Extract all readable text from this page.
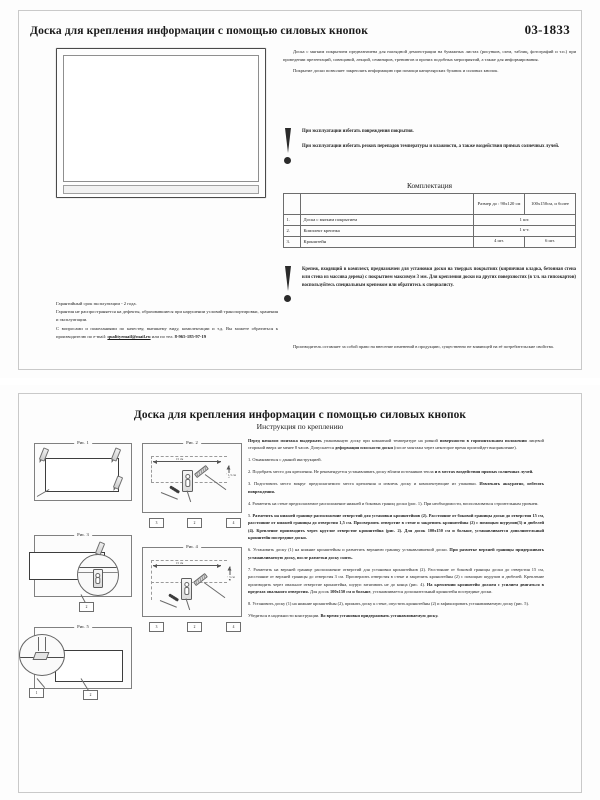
Доска для крепления информации с помощью силовых кнопок	03-1833

Доска с мягким покрытием предназначена для наглядной демонстрации на бумажных листах (рисунков, схем, таблиц, фотографий и т.п.) при проведении презентаций, совещаний, лекций, семинаров, тренингов и прочих подобных мероприятий, а также для информирования.

Покрытие доски позволяет закреплять информацию при помощи канцелярских булавок и силовых кнопок.

При эксплуатации избегать повреждения покрытия.

При эксплуатации избегать резких перепадов температуры и влажности, а также воздействия прямых солнечных лучей.

Комплектация
		Размер до : 90х120 см	100х150см, и более
1.	Доска с мягким покрытием	1 шт.	
2.	Комплект крепежа	1 к-т.	
3.	Кронштейн	4 шт.	6 шт.

Крепеж, входящий в комплект, предназначен для установки доски на твердых покрытиях (кирпичная кладка, бетонная стена или стена из массива дерева) с покрытием максимум 3 мм. Для крепления доски на других поверхностях (в т.ч. на гипсокартон) воспользуйтесь специальным крепежом или обратитесь к специалисту.

Гарантийный срок эксплуатации - 2 года.

Гарантия не распространяется на дефекты, образовавшиеся при нарушении условий транспортировки, хранения и эксплуатации.

С вопросами и пожеланиями по качеству, внешнему виду, комплектации и т.д. Вы можете обратиться к производителю по e-mail: qualityemail@mail.ru или по тел. 8-965-185-97-19

Производитель оставляет за собой право на внесение изменений в продукцию, существенно не влияющей на её потребительские свойства.

Доска для крепления информации с помощью силовых кнопок
Инструкция по креплению
Рис. 1	Рис. 2
15 см
1,5 см
3	2	4
Рис. 3
2
Рис. 4
15 см
3 см
3	2	4
Рис. 5
1	2

Перед началом монтажа выдержать упакованную доску при комнатной температуре на ровной поверхности в горизонтальном положении лицевой стороной вверх не менее 8 часов. Допускается деформация плоскости доски (после монтажа через некоторое время произойдет выпрямление).

1. Ознакомиться с данной инструкцией.

2. Подобрать место для крепления. Не рекомендуется устанавливать доску вблизи источников тепла и в местах воздействия прямых солнечных лучей.

3. Подготовить место вокруг предполагаемого места крепления и извлечь доску и комплектующие из упаковки. Извлекать аккуратно, избегать повреждения.

4. Разметить на стене предполагаемое расположение нижней и боковых границ доски (рис. 1). При необходимости, воспользоваться строительным уровнем.

5. Разметить на нижней границе расположение отверстий для установки кронштейнов (2). Расстояние от боковой границы доски до отверстия 15 см, расстояние от нижней границы до отверстия 1,5 см. Просверлить отверстие в стене и закрепить кронштейны (2) с помощью шурупов(3) и дюбелей (4). Крепление производить через круглое отверстие кронштейна (рис. 2). Для досок 100х150 см и больше, устанавливается дополнительный кронштейн посередине доски.

6. Установить доску (1) на нижние кронштейны и разметить верхнюю границу устанавливаемой доски. При разметке верхней границы придерживать устанавливаемую доску, после разметки доску снять.

7. Разметить на верхней границе расположение отверстий для установки кронштейнов (2). Расстояние от боковой границы доски до отверстия 15 см, расстояние от верхней границы до отверстия 3 см. Просверлить отверстия в стене и закрепить кронштейны (2) с помощью шурупов и дюбелей. Крепление производить через овальное отверстие кронштейна, шуруп затягивать не до конца (рис. 4). На креплении кронштейн должен с усилием двигаться в пределах овального отверстия. Для досок 100х150 см и больше, устанавливается дополнительный кронштейн посередине доски.

8. Установить доску (1) на нижние кронштейны (2), прижать доску к стене, опустить кронштейны (2) и зафиксировать устанавливаемую доску (рис. 5).

Убедиться в надежности конструкции. Во время установки придерживать устанавливаемую доску.
